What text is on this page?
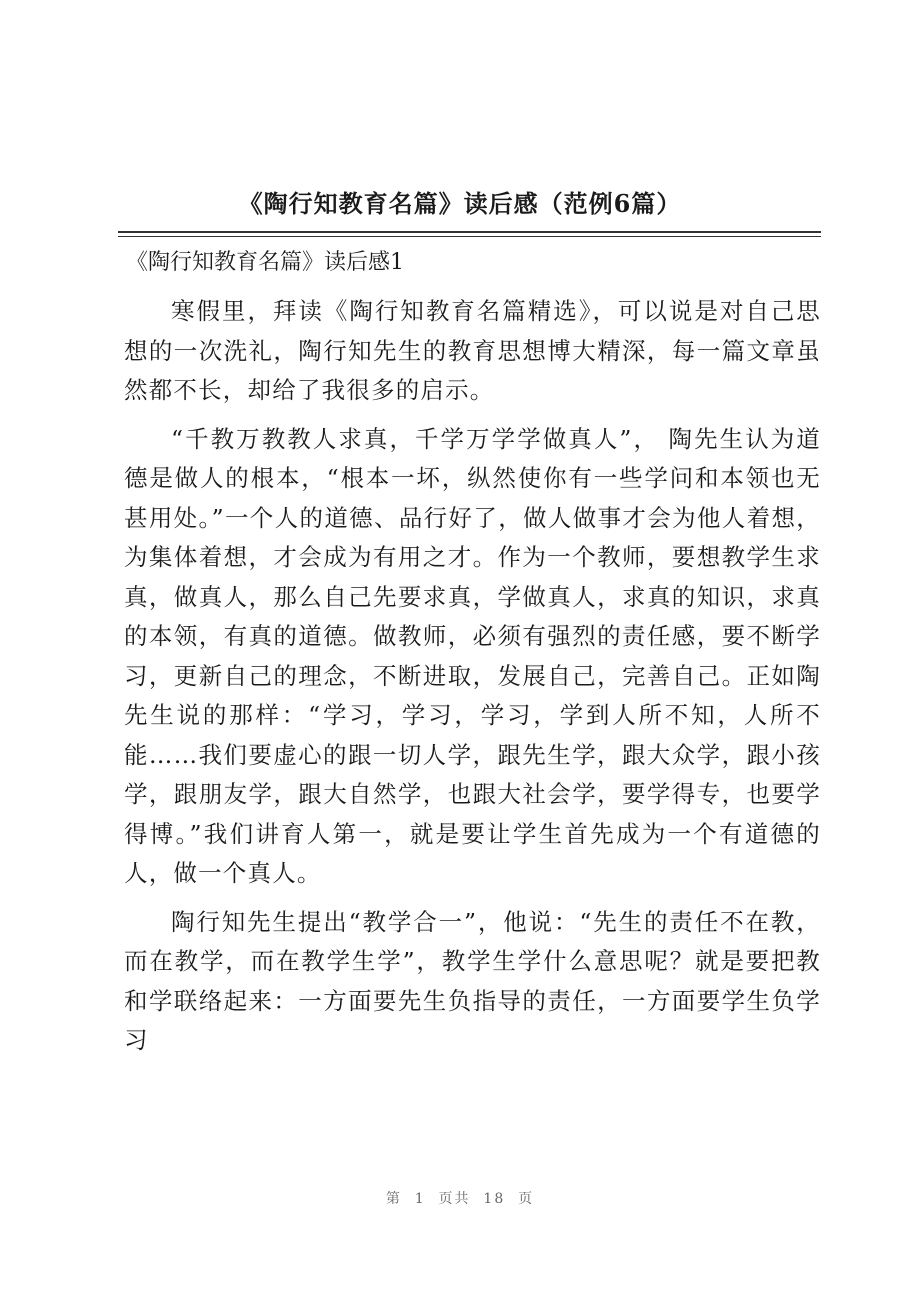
《陶行知教育名篇》读后感（范例6篇）
《陶行知教育名篇》读后感1

寒假里，拜读《陶行知教育名篇精选》，可以说是对自己思想的一次洗礼，陶行知先生的教育思想博大精深，每一篇文章虽然都不长，却给了我很多的启示。

“千教万教教人求真，千学万学学做真人”， 陶先生认为道德是做人的根本，“根本一坏，纵然使你有一些学问和本领也无甚用处。”一个人的道德、品行好了，做人做事才会为他人着想，为集体着想，才会成为有用之才。作为一个教师，要想教学生求真，做真人，那么自己先要求真，学做真人，求真的知识，求真的本领，有真的道德。做教师，必须有强烈的责任感，要不断学习，更新自己的理念，不断进取，发展自己，完善自己。正如陶先生说的那样：“学习，学习，学习，学到人所不知，人所不能……我们要虚心的跟一切人学，跟先生学，跟大众学，跟小孩学，跟朋友学，跟大自然学，也跟大社会学，要学得专，也要学得博。”我们讲育人第一，就是要让学生首先成为一个有道德的人，做一个真人。

陶行知先生提出“教学合一”，他说：“先生的责任不在教，而在教学，而在教学生学”，教学生学什么意思呢？就是要把教和学联络起来：一方面要先生负指导的责任，一方面要学生负学习

第  1  页共  18  页
